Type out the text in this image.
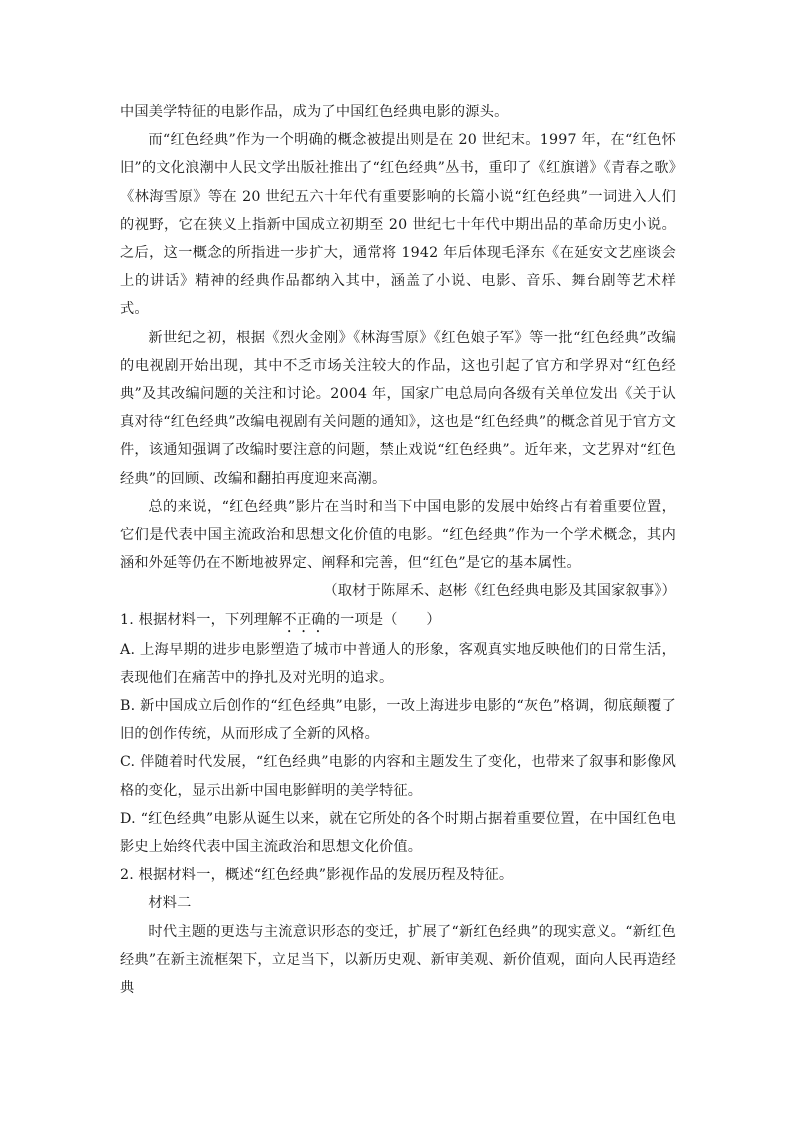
中国美学特征的电影作品，成为了中国红色经典电影的源头。

而“红色经典”作为一个明确的概念被提出则是在 20 世纪末。1997 年，在“红色怀旧”的文化浪潮中人民文学出版社推出了“红色经典”丛书，重印了《红旗谱》《青春之歌》《林海雪原》等在 20 世纪五六十年代有重要影响的长篇小说“红色经典”一词进入人们的视野，它在狭义上指新中国成立初期至 20 世纪七十年代中期出品的革命历史小说。之后，这一概念的所指进一步扩大，通常将 1942 年后体现毛泽东《在延安文艺座谈会上的讲话》精神的经典作品都纳入其中，涵盖了小说、电影、音乐、舞台剧等艺术样式。

新世纪之初，根据《烈火金刚》《林海雪原》《红色娘子军》等一批“红色经典”改编的电视剧开始出现，其中不乏市场关注较大的作品，这也引起了官方和学界对“红色经典”及其改编问题的关注和讨论。2004 年，国家广电总局向各级有关单位发出《关于认真对待“红色经典”改编电视剧有关问题的通知》，这也是“红色经典”的概念首见于官方文件，该通知强调了改编时要注意的问题，禁止戏说“红色经典”。近年来，文艺界对“红色经典”的回顾、改编和翻拍再度迎来高潮。

总的来说，“红色经典”影片在当时和当下中国电影的发展中始终占有着重要位置，它们是代表中国主流政治和思想文化价值的电影。“红色经典”作为一个学术概念，其内涵和外延等仍在不断地被界定、阐释和完善，但“红色”是它的基本属性。

（取材于陈犀禾、赵彬《红色经典电影及其国家叙事》）

1. 根据材料一，下列理解不正确的一项是（　　）

A. 上海早期的进步电影塑造了城市中普通人的形象，客观真实地反映他们的日常生活，表现他们在痛苦中的挣扎及对光明的追求。

B. 新中国成立后创作的“红色经典”电影，一改上海进步电影的“灰色”格调，彻底颠覆了旧的创作传统，从而形成了全新的风格。

C. 伴随着时代发展，“红色经典”电影的内容和主题发生了变化，也带来了叙事和影像风格的变化，显示出新中国电影鲜明的美学特征。

D. “红色经典”电影从诞生以来，就在它所处的各个时期占据着重要位置，在中国红色电影史上始终代表中国主流政治和思想文化价值。

2. 根据材料一，概述“红色经典”影视作品的发展历程及特征。

材料二

时代主题的更迭与主流意识形态的变迁，扩展了“新红色经典”的现实意义。“新红色经典”在新主流框架下，立足当下，以新历史观、新审美观、新价值观，面向人民再造经典
